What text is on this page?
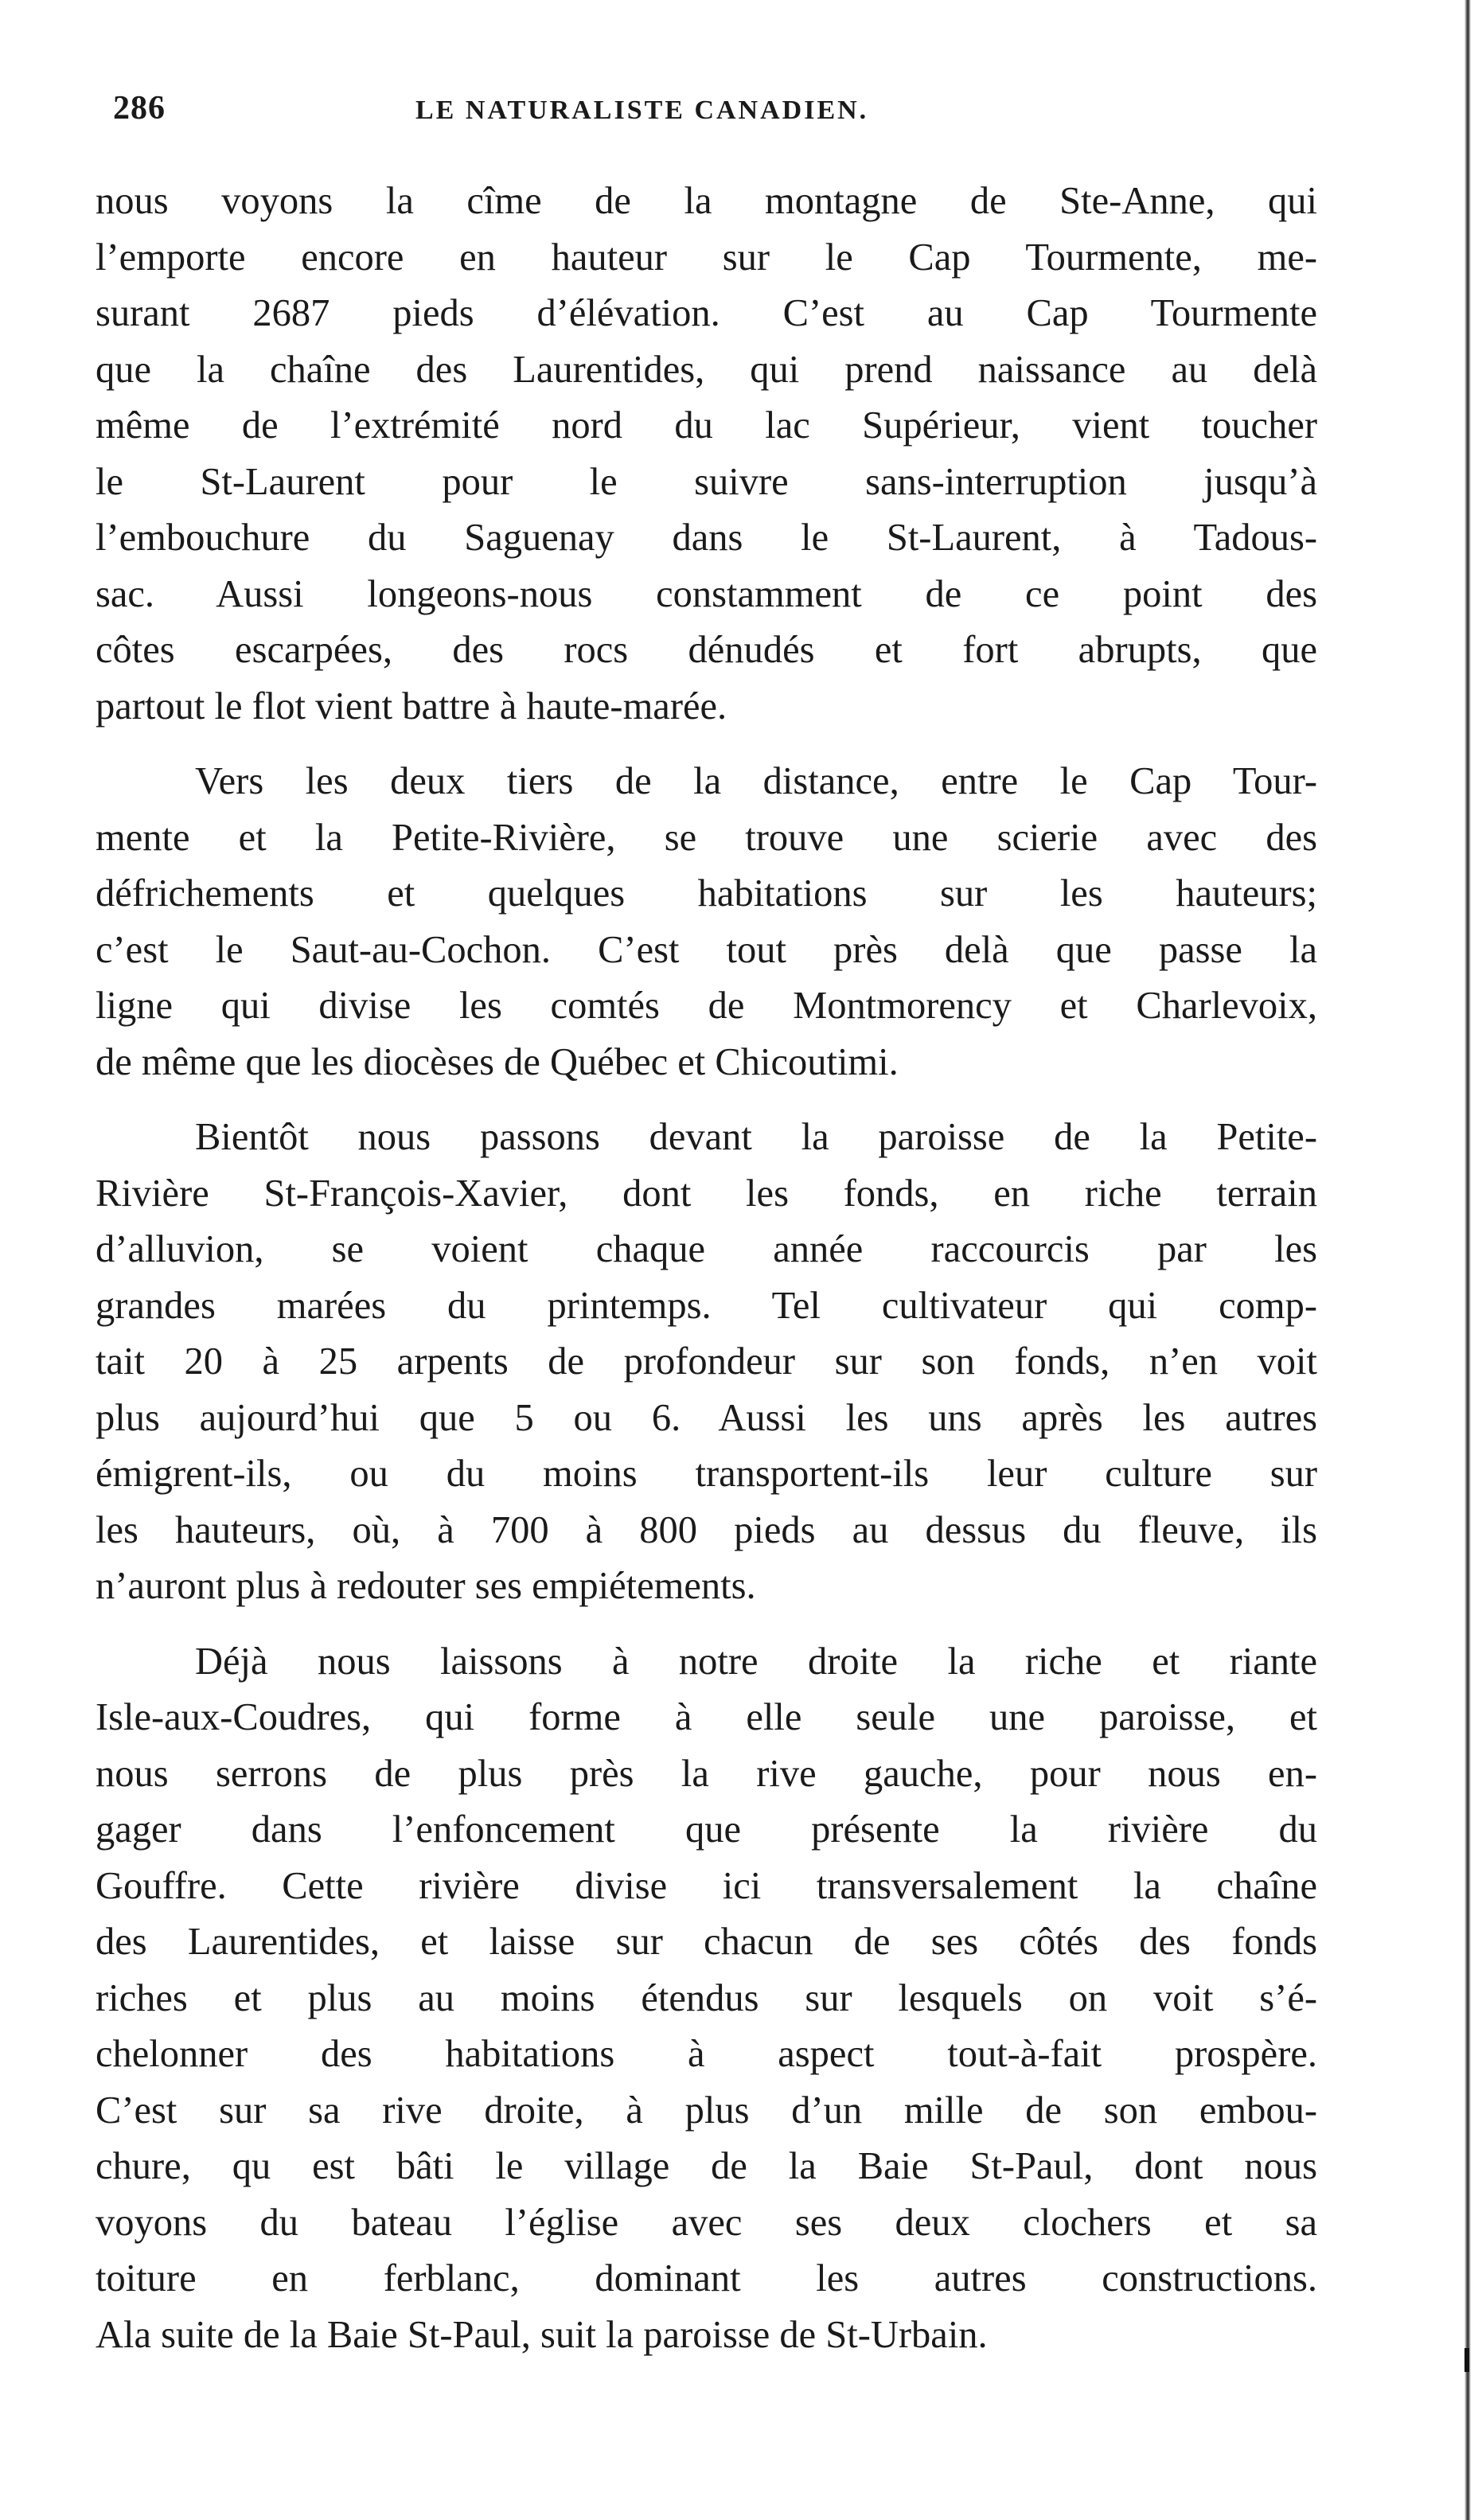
286	LE NATURALISTE CANADIEN.
nous voyons la cîme de la montagne de Ste-Anne, qui
l’emporte encore en hauteur sur le Cap Tourmente, me-
surant 2687 pieds d’élévation. C’est au Cap Tourmente
que la chaîne des Laurentides, qui prend naissance au delà
même de l’extrémité nord du lac Supérieur, vient toucher
le St-Laurent pour le suivre sans-interruption jusqu’à
l’embouchure du Saguenay dans le St-Laurent, à Tadous-
sac. Aussi longeons-nous constamment de ce point des
côtes escarpées, des rocs dénudés et fort abrupts, que
partout le flot vient battre à haute-marée.
Vers les deux tiers de la distance, entre le Cap Tour-
mente et la Petite-Rivière, se trouve une scierie avec des
défrichements et quelques habitations sur les hauteurs;
c’est le Saut-au-Cochon. C’est tout près delà que passe la
ligne qui divise les comtés de Montmorency et Charlevoix,
de même que les diocèses de Québec et Chicoutimi.
Bientôt nous passons devant la paroisse de la Petite-
Rivière St-François-Xavier, dont les fonds, en riche terrain
d’alluvion, se voient chaque année raccourcis par les
grandes marées du printemps. Tel cultivateur qui comp-
tait 20 à 25 arpents de profondeur sur son fonds, n’en voit
plus aujourd’hui que 5 ou 6. Aussi les uns après les autres
émigrent-ils, ou du moins transportent-ils leur culture sur
les hauteurs, où, à 700 à 800 pieds au dessus du fleuve, ils
n’auront plus à redouter ses empiétements.
Déjà nous laissons à notre droite la riche et riante
Isle-aux-Coudres, qui forme à elle seule une paroisse, et
nous serrons de plus près la rive gauche, pour nous en-
gager dans l’enfoncement que présente la rivière du
Gouffre. Cette rivière divise ici transversalement la chaîne
des Laurentides, et laisse sur chacun de ses côtés des fonds
riches et plus au moins étendus sur lesquels on voit s’é-
chelonner des habitations à aspect tout-à-fait prospère.
C’est sur sa rive droite, à plus d’un mille de son embou-
chure, qu est bâti le village de la Baie St-Paul, dont nous
voyons du bateau l’église avec ses deux clochers et sa
toiture en ferblanc, dominant les autres constructions.
Ala suite de la Baie St-Paul, suit la paroisse de St-Urbain.
